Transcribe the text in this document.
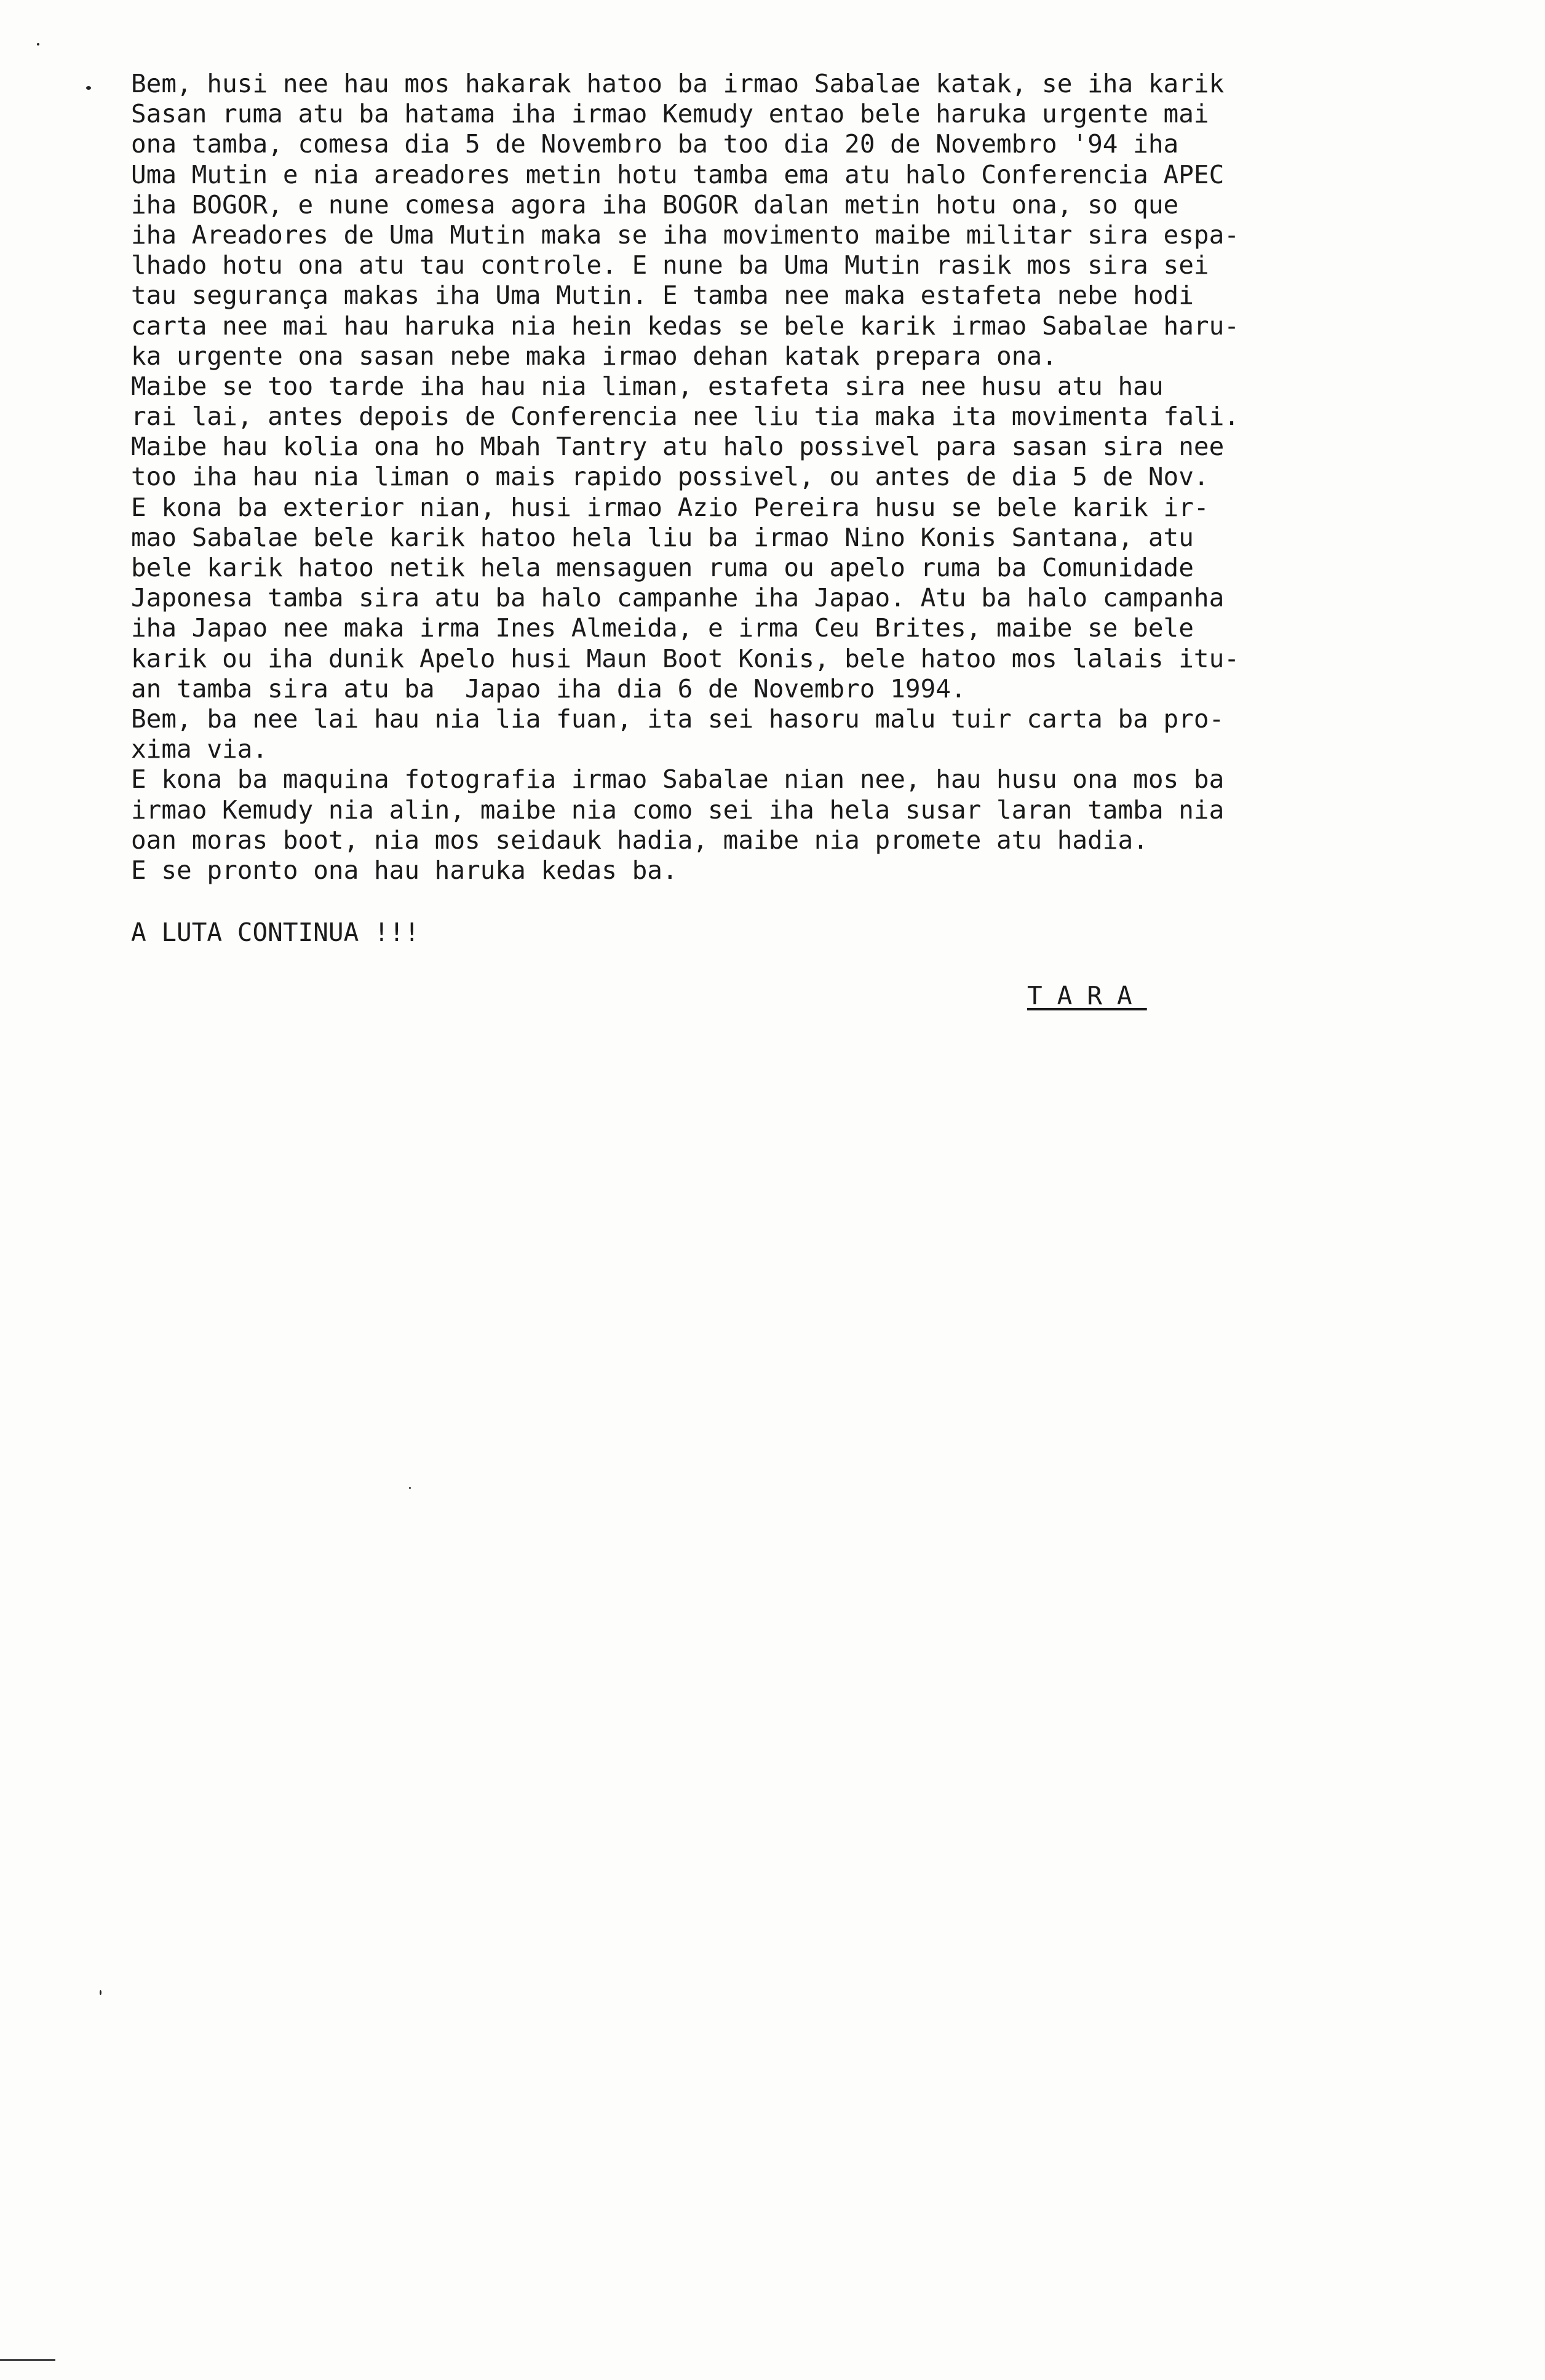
Bem, husi nee hau mos hakarak hatoo ba irmao Sabalae katak, se iha karik
Sasan ruma atu ba hatama iha irmao Kemudy entao bele haruka urgente mai
ona tamba, comesa dia 5 de Novembro ba too dia 20 de Novembro '94 iha
Uma Mutin e nia areadores metin hotu tamba ema atu halo Conferencia APEC
iha BOGOR, e nune comesa agora iha BOGOR dalan metin hotu ona, so que
iha Areadores de Uma Mutin maka se iha movimento maibe militar sira espa-
lhado hotu ona atu tau controle. E nune ba Uma Mutin rasik mos sira sei
tau segurança makas iha Uma Mutin. E tamba nee maka estafeta nebe hodi
carta nee mai hau haruka nia hein kedas se bele karik irmao Sabalae haru-
ka urgente ona sasan nebe maka irmao dehan katak prepara ona.
Maibe se too tarde iha hau nia liman, estafeta sira nee husu atu hau
rai lai, antes depois de Conferencia nee liu tia maka ita movimenta fali.
Maibe hau kolia ona ho Mbah Tantry atu halo possivel para sasan sira nee
too iha hau nia liman o mais rapido possivel, ou antes de dia 5 de Nov.
E kona ba exterior nian, husi irmao Azio Pereira husu se bele karik ir-
mao Sabalae bele karik hatoo hela liu ba irmao Nino Konis Santana, atu
bele karik hatoo netik hela mensaguen ruma ou apelo ruma ba Comunidade
Japonesa tamba sira atu ba halo campanhe iha Japao. Atu ba halo campanha
iha Japao nee maka irma Ines Almeida, e irma Ceu Brites, maibe se bele
karik ou iha dunik Apelo husi Maun Boot Konis, bele hatoo mos lalais itu-
an tamba sira atu ba  Japao iha dia 6 de Novembro 1994.
Bem, ba nee lai hau nia lia fuan, ita sei hasoru malu tuir carta ba pro-
xima via.
E kona ba maquina fotografia irmao Sabalae nian nee, hau husu ona mos ba
irmao Kemudy nia alin, maibe nia como sei iha hela susar laran tamba nia
oan moras boot, nia mos seidauk hadia, maibe nia promete atu hadia.
E se pronto ona hau haruka kedas ba.
A LUTA CONTINUA !!!
TARA
